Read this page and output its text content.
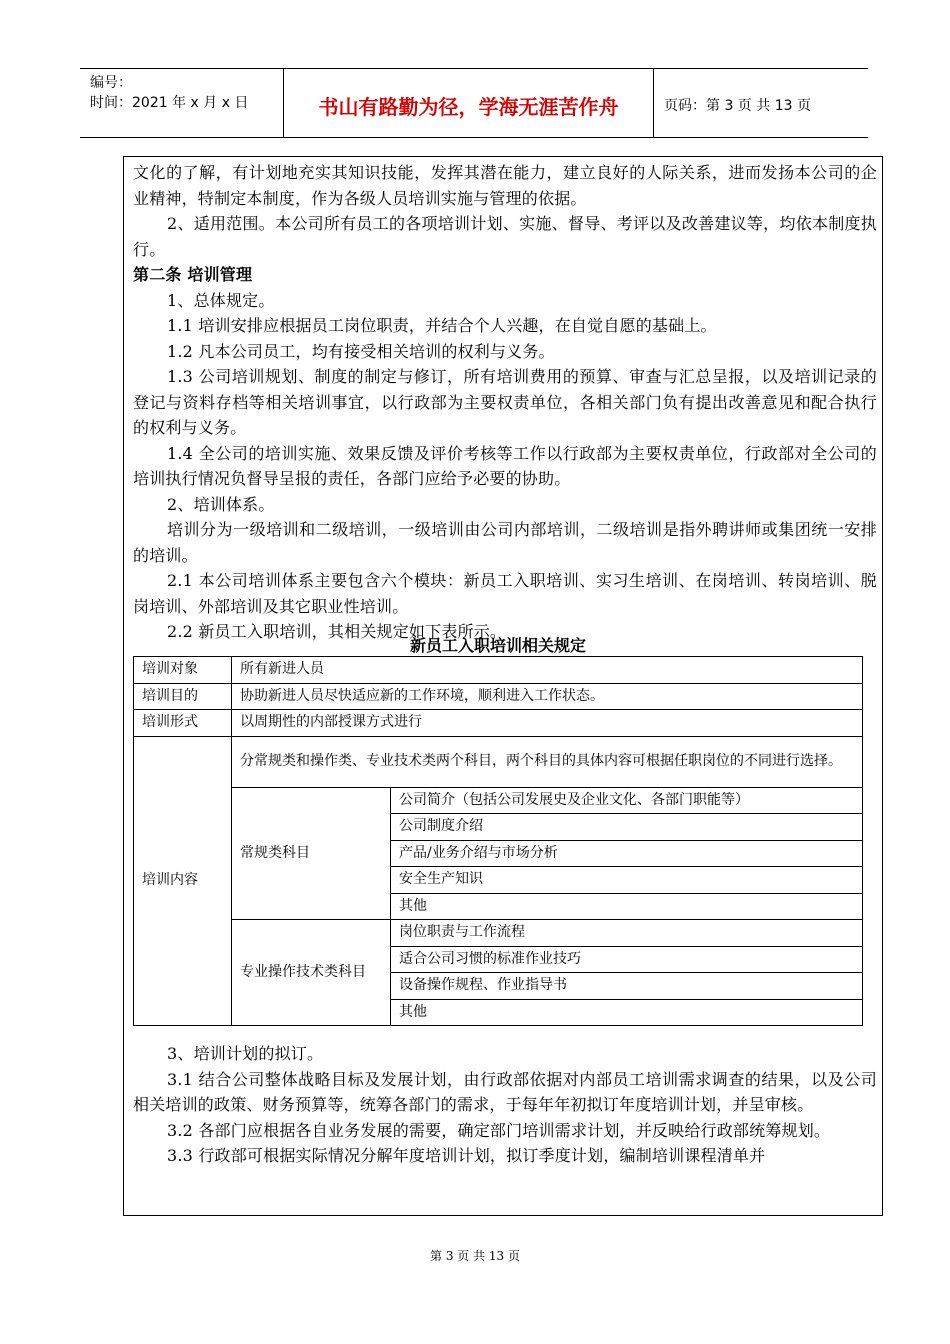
编号：
时间：2021 年 x 月 x 日	书山有路勤为径，学海无涯苦作舟	页码：第 3 页 共 13 页

文化的了解，有计划地充实其知识技能，发挥其潜在能力，建立良好的人际关系，进而发扬本公司的企业精神，特制定本制度，作为各级人员培训实施与管理的依据。

2、适用范围。本公司所有员工的各项培训计划、实施、督导、考评以及改善建议等，均依本制度执行。

第二条 培训管理

1、总体规定。

1.1 培训安排应根据员工岗位职责，并结合个人兴趣，在自觉自愿的基础上。

1.2 凡本公司员工，均有接受相关培训的权利与义务。

1.3 公司培训规划、制度的制定与修订，所有培训费用的预算、审查与汇总呈报，以及培训记录的登记与资料存档等相关培训事宜，以行政部为主要权责单位，各相关部门负有提出改善意见和配合执行的权利与义务。

1.4 全公司的培训实施、效果反馈及评价考核等工作以行政部为主要权责单位，行政部对全公司的培训执行情况负督导呈报的责任，各部门应给予必要的协助。

2、培训体系。

培训分为一级培训和二级培训，一级培训由公司内部培训，二级培训是指外聘讲师或集团统一安排的培训。

2.1 本公司培训体系主要包含六个模块：新员工入职培训、实习生培训、在岗培训、转岗培训、脱岗培训、外部培训及其它职业性培训。

2.2 新员工入职培训，其相关规定如下表所示。

新员工入职培训相关规定
培训对象	所有新进人员	
培训目的	协助新进人员尽快适应新的工作环境，顺利进入工作状态。	
培训形式	以周期性的内部授课方式进行	
培训内容	分常规类和操作类、专业技术类两个科目，两个科目的具体内容可根据任职岗位的不同进行选择。	
	常规类科目	公司简介（包括公司发展史及企业文化、各部门职能等）
		公司制度介绍
		产品/业务介绍与市场分析
		安全生产知识
		其他
	专业操作技术类科目	岗位职责与工作流程
		适合公司习惯的标准作业技巧
		设备操作规程、作业指导书
		其他

3、培训计划的拟订。

3.1 结合公司整体战略目标及发展计划，由行政部依据对内部员工培训需求调查的结果，以及公司相关培训的政策、财务预算等，统筹各部门的需求，于每年年初拟订年度培训计划，并呈审核。

3.2 各部门应根据各自业务发展的需要，确定部门培训需求计划，并反映给行政部统筹规划。

3.3 行政部可根据实际情况分解年度培训计划，拟订季度计划，编制培训课程清单并

第 3 页 共 13 页
